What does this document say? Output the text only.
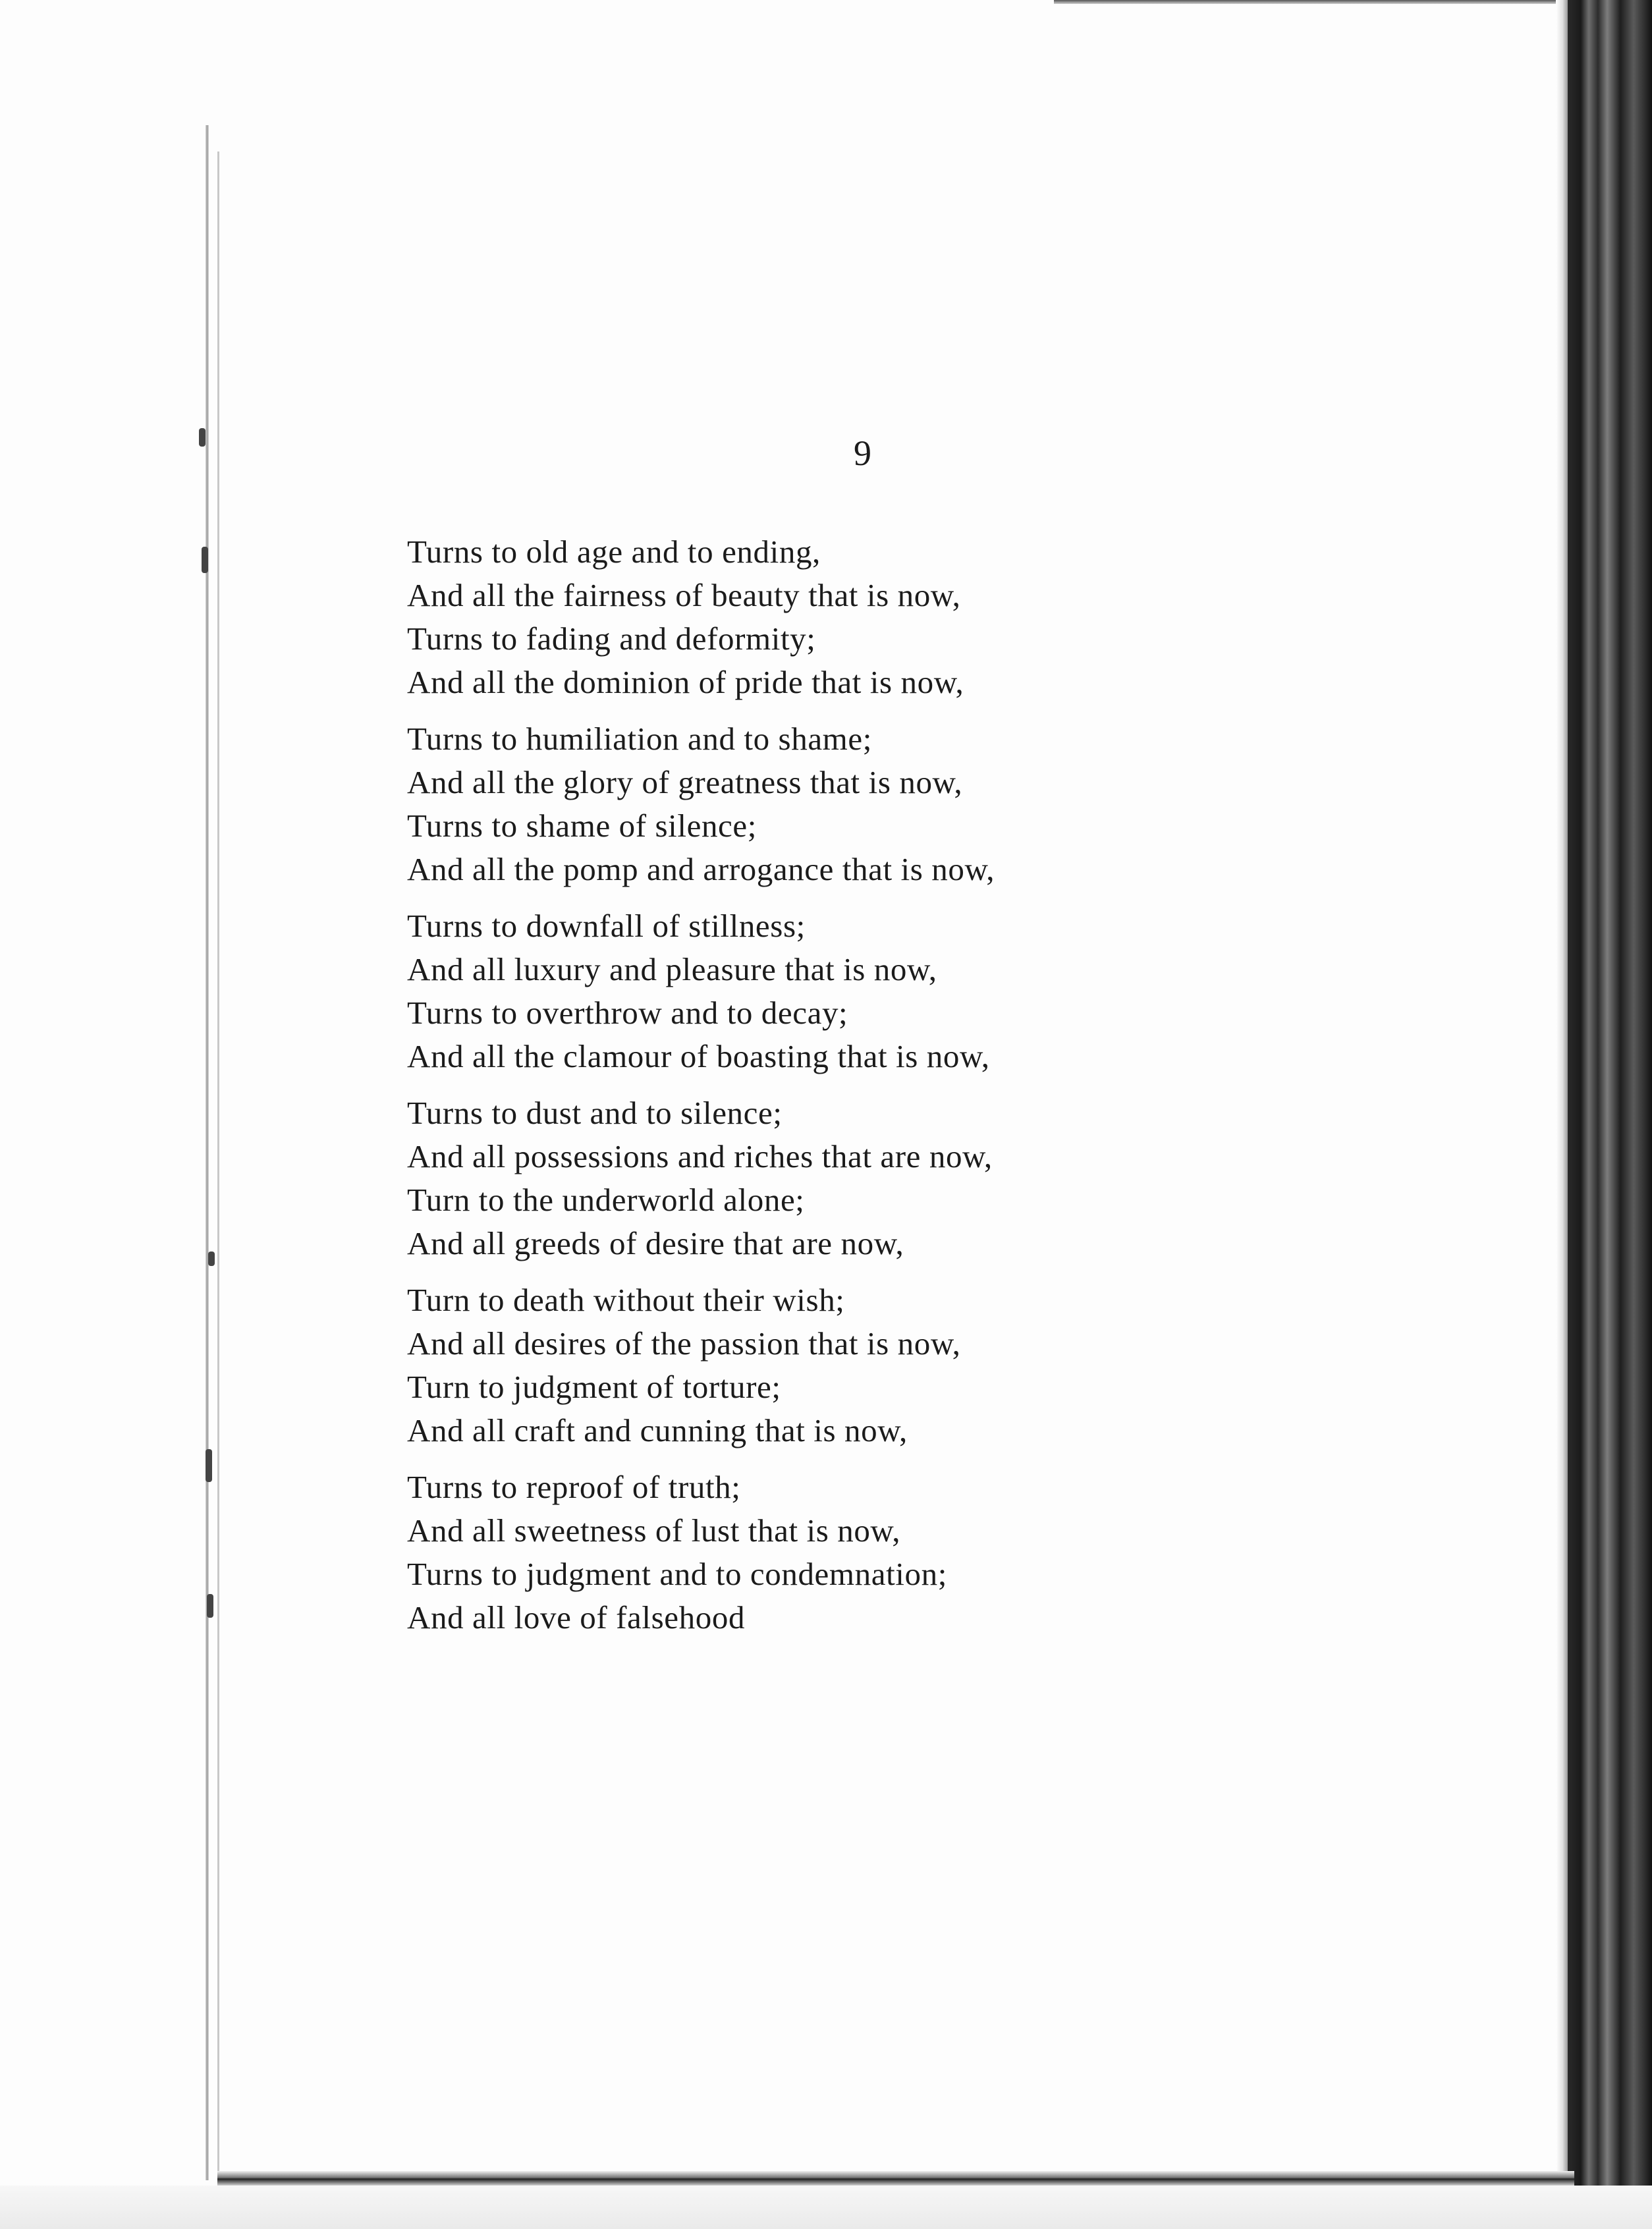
9
Turns to old age and to ending,
And all the fairness of beauty that is now,
Turns to fading and deformity;
And all the dominion of pride that is now,
Turns to humiliation and to shame;
And all the glory of greatness that is now,
Turns to shame of silence;
And all the pomp and arrogance that is now,
Turns to downfall of stillness;
And all luxury and pleasure that is now,
Turns to overthrow and to decay;
And all the clamour of boasting that is now,
Turns to dust and to silence;
And all possessions and riches that are now,
Turn to the underworld alone;
And all greeds of desire that are now,
Turn to death without their wish;
And all desires of the passion that is now,
Turn to judgment of torture;
And all craft and cunning that is now,
Turns to reproof of truth;
And all sweetness of lust that is now,
Turns to judgment and to condemnation;
And all love of falsehood
